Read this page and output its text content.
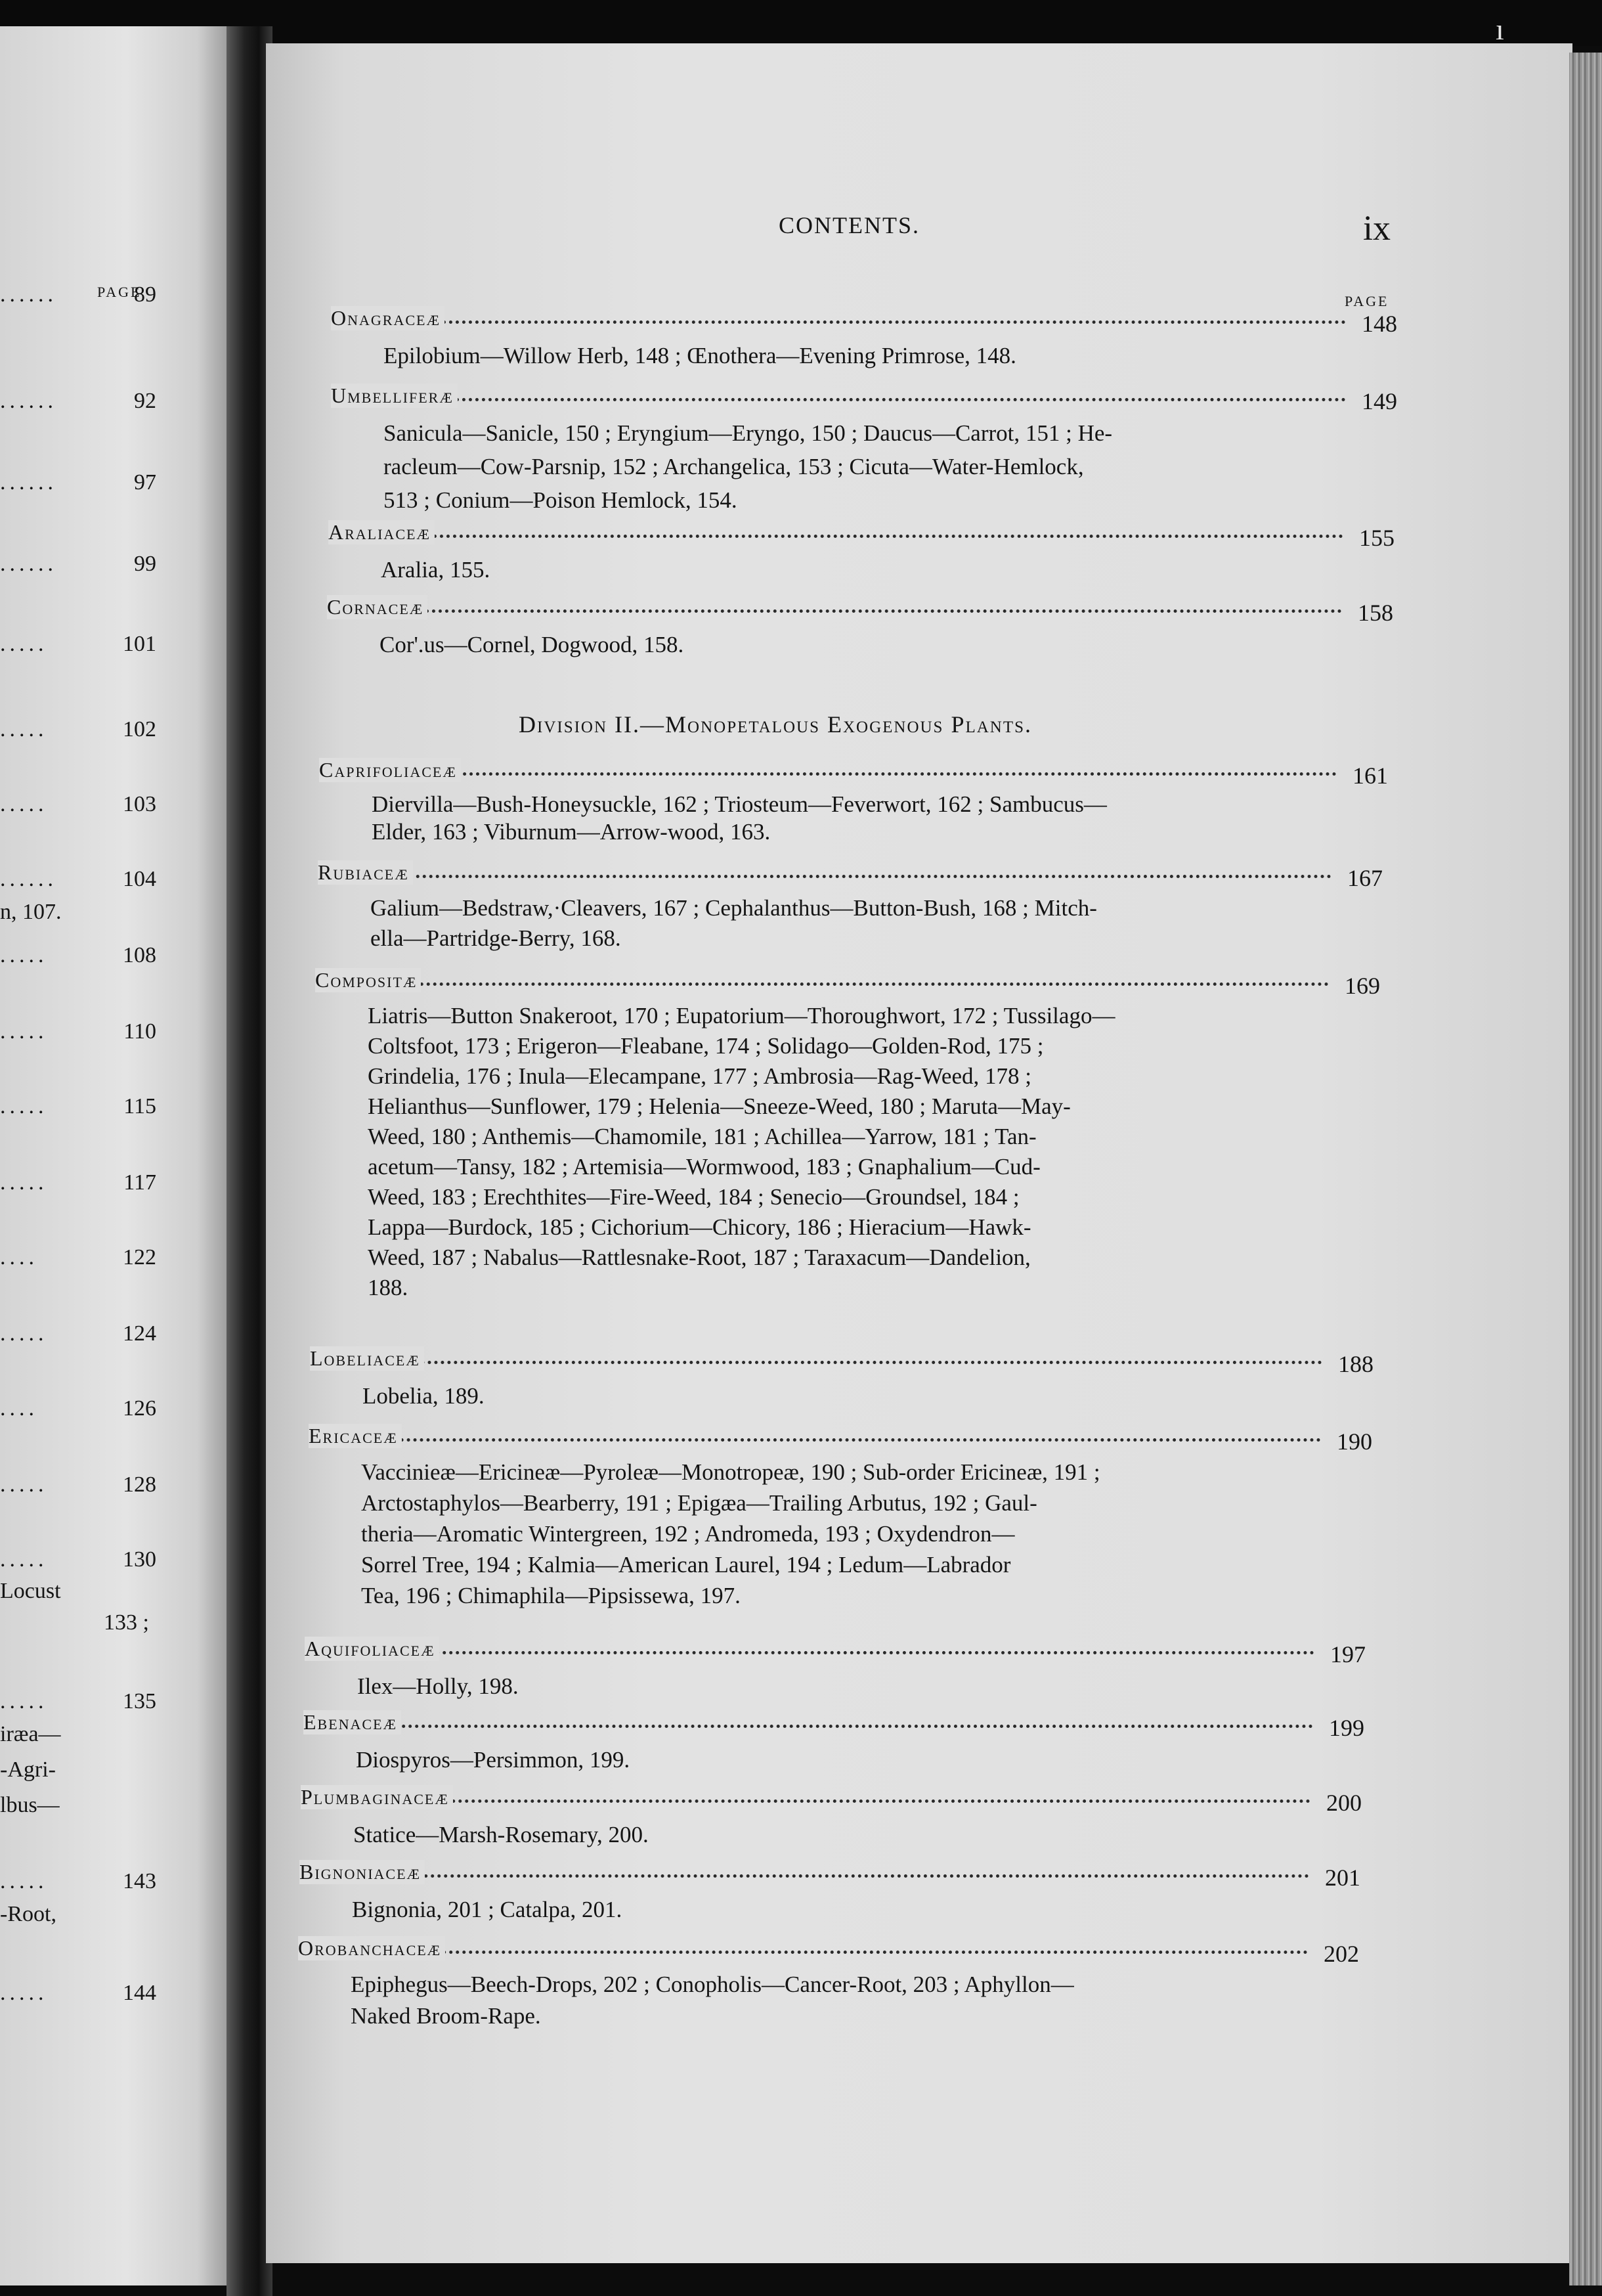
PAGE
......	89
......	92
......	97
......	99
.....	101
.....	102
.....	103
......	104
n, 107.
.....	108
.....	110
.....	115
.....	117
....	122
.....	124
....	126
.....	128
.....	130
Locust
133 ;
.....	135
iræa—
-Agri-
lbus—
.....	143
-Root,
.....	144
ı
CONTENTS.	ix
PAGE
Onagraceæ	148
Epilobium—Willow Herb, 148 ; Œnothera—Evening Primrose, 148.
Umbelliferæ	149
Sanicula—Sanicle, 150 ; Eryngium—Eryngo, 150 ; Daucus—Carrot, 151 ; He-
racleum—Cow-Parsnip, 152 ; Archangelica, 153 ; Cicuta—Water-Hemlock,
513 ; Conium—Poison Hemlock, 154.
Araliaceæ	155
Aralia, 155.
Cornaceæ	158
Cor'.us—Cornel, Dogwood, 158.
Division II.—Monopetalous Exogenous Plants.
Caprifoliaceæ	161
Diervilla—Bush-Honeysuckle, 162 ; Triosteum—Feverwort, 162 ; Sambucus—
Elder, 163 ; Viburnum—Arrow-wood, 163.
Rubiaceæ	167
Galium—Bedstraw,·Cleavers, 167 ; Cephalanthus—Button-Bush, 168 ; Mitch-
ella—Partridge-Berry, 168.
Compositæ	169
Liatris—Button Snakeroot, 170 ; Eupatorium—Thoroughwort, 172 ; Tussilago—
Coltsfoot, 173 ; Erigeron—Fleabane, 174 ; Solidago—Golden-Rod, 175 ;
Grindelia, 176 ; Inula—Elecampane, 177 ; Ambrosia—Rag-Weed, 178 ;
Helianthus—Sunflower, 179 ; Helenia—Sneeze-Weed, 180 ; Maruta—May-
Weed, 180 ; Anthemis—Chamomile, 181 ; Achillea—Yarrow, 181 ; Tan-
acetum—Tansy, 182 ; Artemisia—Wormwood, 183 ; Gnaphalium—Cud-
Weed, 183 ; Erechthites—Fire-Weed, 184 ; Senecio—Groundsel, 184 ;
Lappa—Burdock, 185 ; Cichorium—Chicory, 186 ; Hieracium—Hawk-
Weed, 187 ; Nabalus—Rattlesnake-Root, 187 ; Taraxacum—Dandelion,
188.
Lobeliaceæ	188
Lobelia, 189.
Ericaceæ	190
Vaccinieæ—Ericineæ—Pyroleæ—Monotropeæ, 190 ; Sub-order Ericineæ, 191 ;
Arctostaphylos—Bearberry, 191 ; Epigæa—Trailing Arbutus, 192 ; Gaul-
theria—Aromatic Wintergreen, 192 ; Andromeda, 193 ; Oxydendron—
Sorrel Tree, 194 ; Kalmia—American Laurel, 194 ; Ledum—Labrador
Tea, 196 ; Chimaphila—Pipsissewa, 197.
Aquifoliaceæ	197
Ilex—Holly, 198.
Ebenaceæ	199
Diospyros—Persimmon, 199.
Plumbaginaceæ	200
Statice—Marsh-Rosemary, 200.
Bignoniaceæ	201
Bignonia, 201 ; Catalpa, 201.
Orobanchaceæ	202
Epiphegus—Beech-Drops, 202 ; Conopholis—Cancer-Root, 203 ; Aphyllon—
Naked Broom-Rape.
